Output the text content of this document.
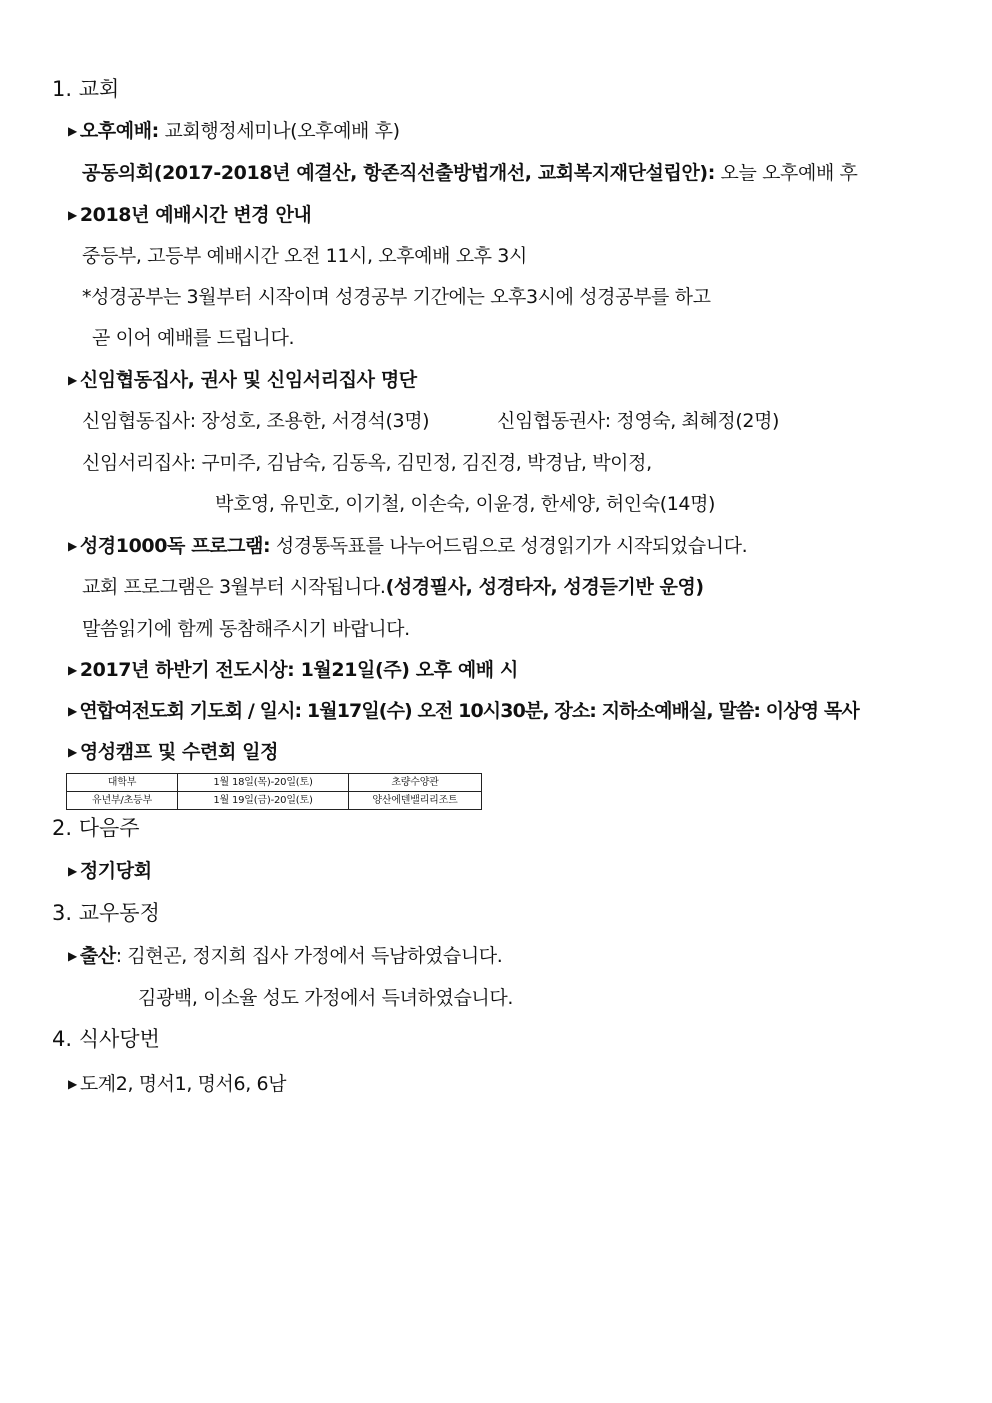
1. 교회
▶ 오후예배: 교회행정세미나(오후예배 후)
공동의회(2017-2018년 예결산, 항존직선출방법개선, 교회복지재단설립안): 오늘 오후예배 후
▶ 2018년 예배시간 변경 안내
중등부, 고등부 예배시간 오전 11시, 오후예배 오후 3시
*성경공부는 3월부터 시작이며 성경공부 기간에는 오후3시에 성경공부를 하고
곧 이어 예배를 드립니다.
▶ 신임협동집사, 권사 및 신임서리집사 명단
신임협동집사: 장성호, 조용한, 서경석(3명)	신임협동권사: 정영숙, 최혜정(2명)
신임서리집사: 구미주, 김남숙, 김동옥, 김민정, 김진경, 박경남, 박이정,
박호영, 유민호, 이기철, 이손숙, 이윤경, 한세양, 허인숙(14명)
▶ 성경1000독 프로그램: 성경통독표를 나누어드림으로 성경읽기가 시작되었습니다.
교회 프로그램은 3월부터 시작됩니다.(성경필사, 성경타자, 성경듣기반 운영)
말씀읽기에 함께 동참해주시기 바랍니다.
▶ 2017년 하반기 전도시상: 1월21일(주) 오후 예배 시
▶ 연합여전도회 기도회 / 일시: 1월17일(수) 오전 10시30분, 장소: 지하소예배실, 말씀: 이상영 목사
▶ 영성캠프 및 수련회 일정
대학부	1월 18일(목)-20일(토)	초량수양관
유년부/초등부	1월 19일(금)-20일(토)	양산에덴밸리리조트
2. 다음주
▶ 정기당회
3. 교우동정
▶ 출산: 김현곤, 정지희 집사 가정에서 득남하였습니다.
김광백, 이소율 성도 가정에서 득녀하였습니다.
4. 식사당번
▶ 도계2, 명서1, 명서6, 6남
